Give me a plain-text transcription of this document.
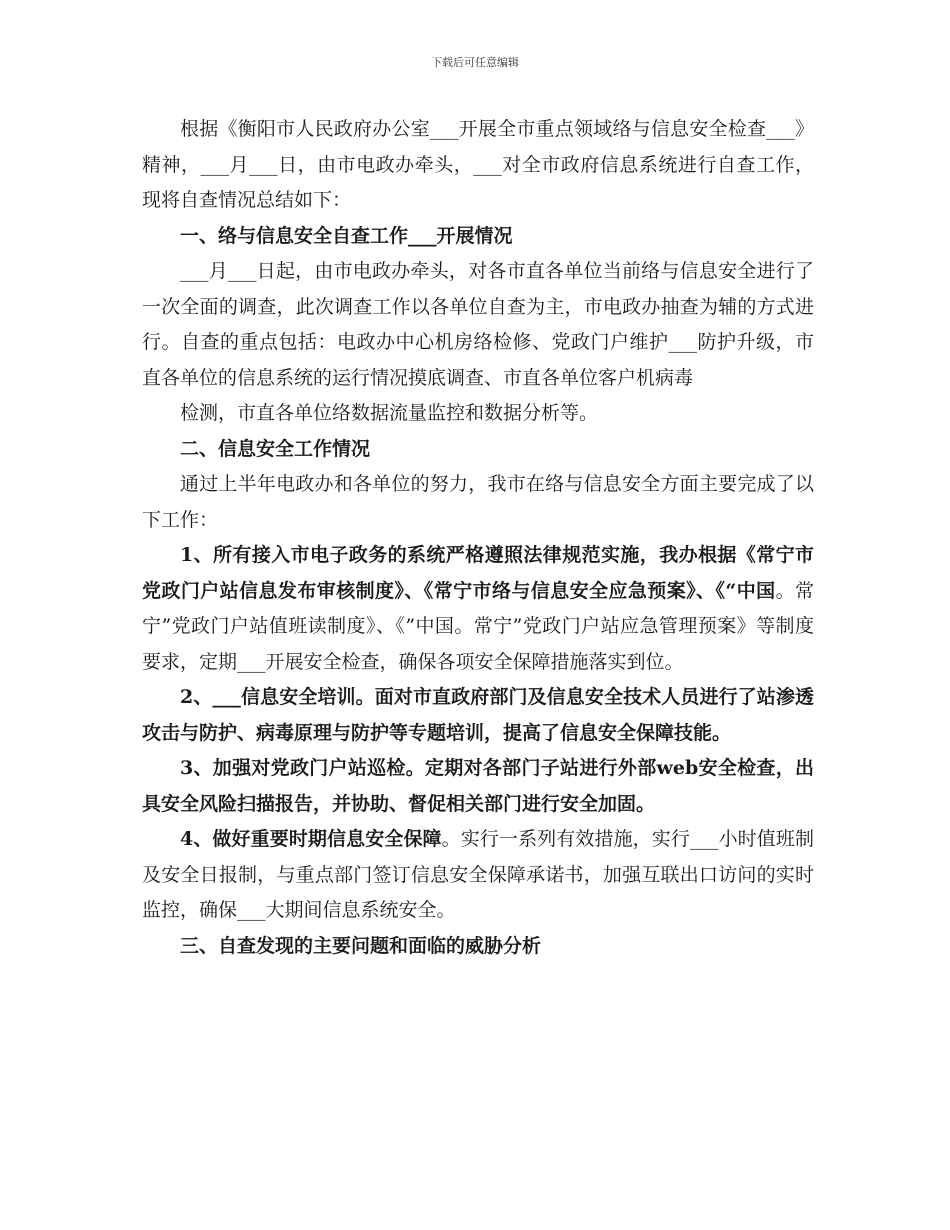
下载后可任意编辑

根据《衡阳市人民政府办公室___开展全市重点领域络与信息安全检查___》精神，___月___日，由市电政办牵头，___对全市政府信息系统进行自查工作，现将自查情况总结如下：

一、络与信息安全自查工作___开展情况

___月___日起，由市电政办牵头，对各市直各单位当前络与信息安全进行了一次全面的调查，此次调查工作以各单位自查为主，市电政办抽查为辅的方式进行。自查的重点包括：电政办中心机房络检修、党政门户维护___防护升级，市直各单位的信息系统的运行情况摸底调查、市直各单位客户机病毒

检测，市直各单位络数据流量监控和数据分析等。

二、信息安全工作情况

通过上半年电政办和各单位的努力，我市在络与信息安全方面主要完成了以下工作：

1、所有接入市电子政务的系统严格遵照法律规范实施，我办根据《常宁市党政门户站信息发布审核制度》、《常宁市络与信息安全应急预案》、《“中国。常宁”党政门户站值班读制度》、《”中国。常宁”党政门户站应急管理预案》等制度要求，定期___开展安全检查，确保各项安全保障措施落实到位。

2、___信息安全培训。面对市直政府部门及信息安全技术人员进行了站渗透攻击与防护、病毒原理与防护等专题培训，提高了信息安全保障技能。

3、加强对党政门户站巡检。定期对各部门子站进行外部web安全检查，出具安全风险扫描报告，并协助、督促相关部门进行安全加固。

4、做好重要时期信息安全保障。实行一系列有效措施，实行___小时值班制及安全日报制，与重点部门签订信息安全保障承诺书，加强互联出口访问的实时监控，确保___大期间信息系统安全。

三、自查发现的主要问题和面临的威胁分析
